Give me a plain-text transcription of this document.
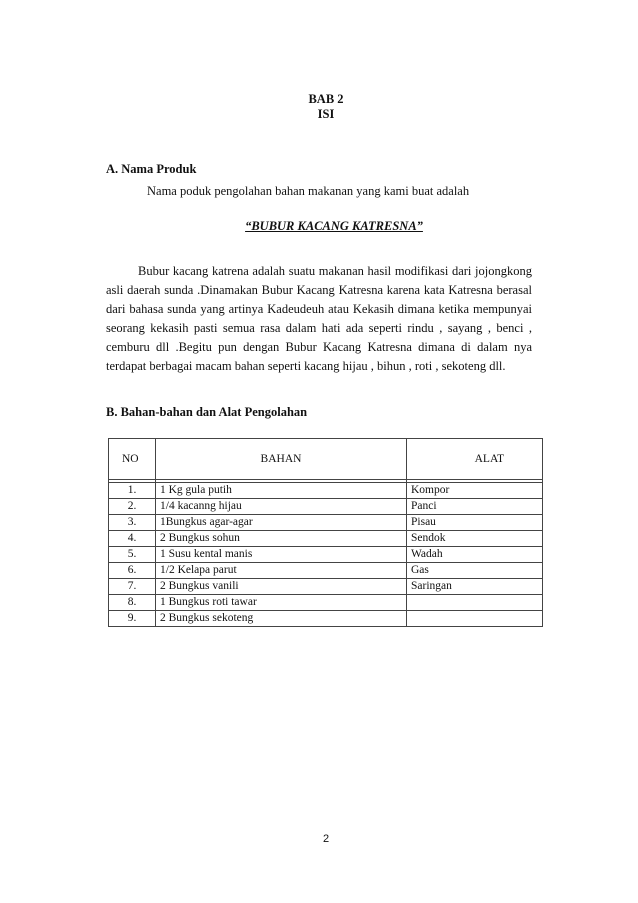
BAB 2
ISI
A. Nama Produk
Nama poduk pengolahan bahan makanan yang kami buat adalah
“BUBUR KACANG KATRESNA”

Bubur kacang katrena adalah suatu makanan hasil modifikasi dari jojongkong asli daerah sunda .Dinamakan Bubur Kacang Katresna karena kata Katresna berasal dari bahasa sunda yang artinya Kadeudeuh atau Kekasih dimana ketika mempunyai seorang kekasih pasti semua rasa dalam hati ada seperti rindu , sayang , benci , cemburu dll .Begitu pun dengan Bubur Kacang Katresna dimana di dalam nya terdapat berbagai macam bahan seperti kacang hijau , bihun , roti , sekoteng dll.

B. Bahan-bahan dan Alat Pengolahan
NO	BAHAN	ALAT

1.	1 Kg gula putih	Kompor
2.	1/4 kacanng hijau	Panci
3.	1Bungkus agar-agar	Pisau
4.	2 Bungkus sohun	Sendok
5.	1 Susu kental manis	Wadah
6.	1/2 Kelapa parut	Gas
7.	2 Bungkus vanili	Saringan
8.	1 Bungkus roti tawar	
9.	2 Bungkus sekoteng	
2
